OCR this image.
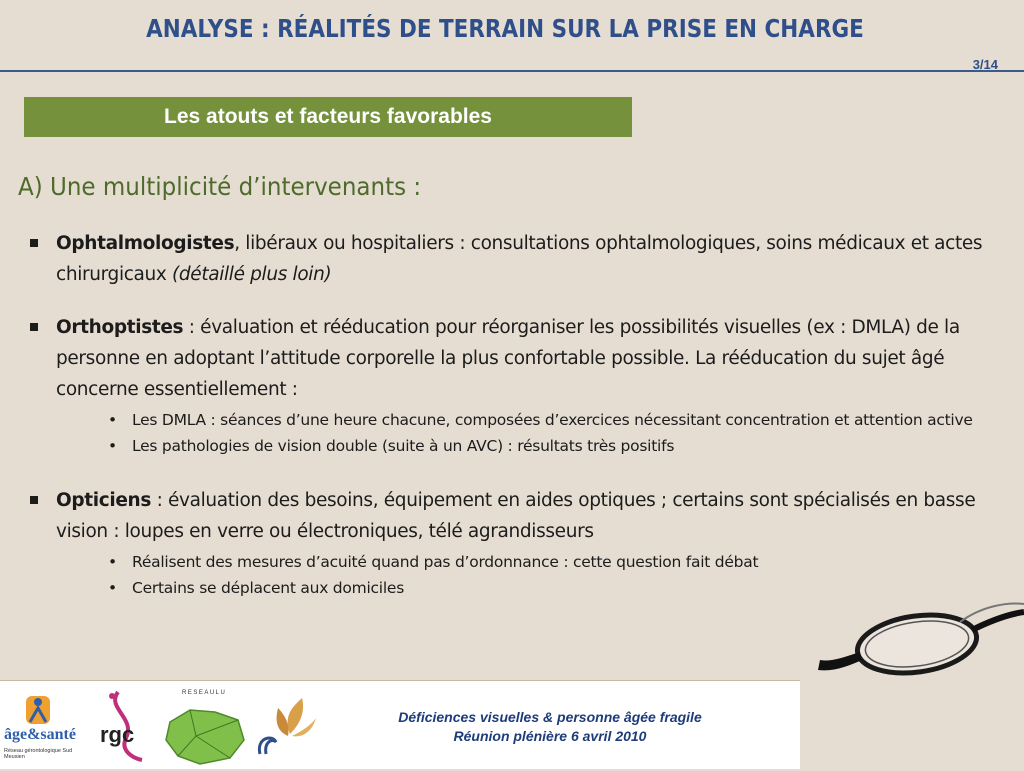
ANALYSE : RÉALITÉS DE TERRAIN SUR LA PRISE EN CHARGE
3/14
Les atouts et facteurs favorables
A) Une multiplicité d’intervenants :
Ophtalmologistes, libéraux ou hospitaliers : consultations ophtalmologiques, soins médicaux et actes chirurgicaux (détaillé plus loin)
Orthoptistes : évaluation et rééducation pour réorganiser les possibilités visuelles (ex : DMLA) de la personne en adoptant l’attitude corporelle la plus confortable possible. La rééducation du sujet âgé concerne essentiellement :
• Les DMLA : séances d’une heure chacune, composées d’exercices nécessitant concentration et attention active
• Les pathologies de vision double (suite à un AVC) : résultats très positifs
Opticiens : évaluation des besoins, équipement en aides optiques ; certains sont spécialisés en basse vision : loupes en verre ou électroniques, télé agrandisseurs
• Réalisent des mesures d’acuité quand pas d’ordonnance : cette question fait débat
• Certains se déplacent aux domiciles
âge&santé
Réseau gérontologique Sud Meusien
rgc
RESEAULU
Déficiences visuelles & personne âgée fragile
Réunion plénière 6 avril 2010
